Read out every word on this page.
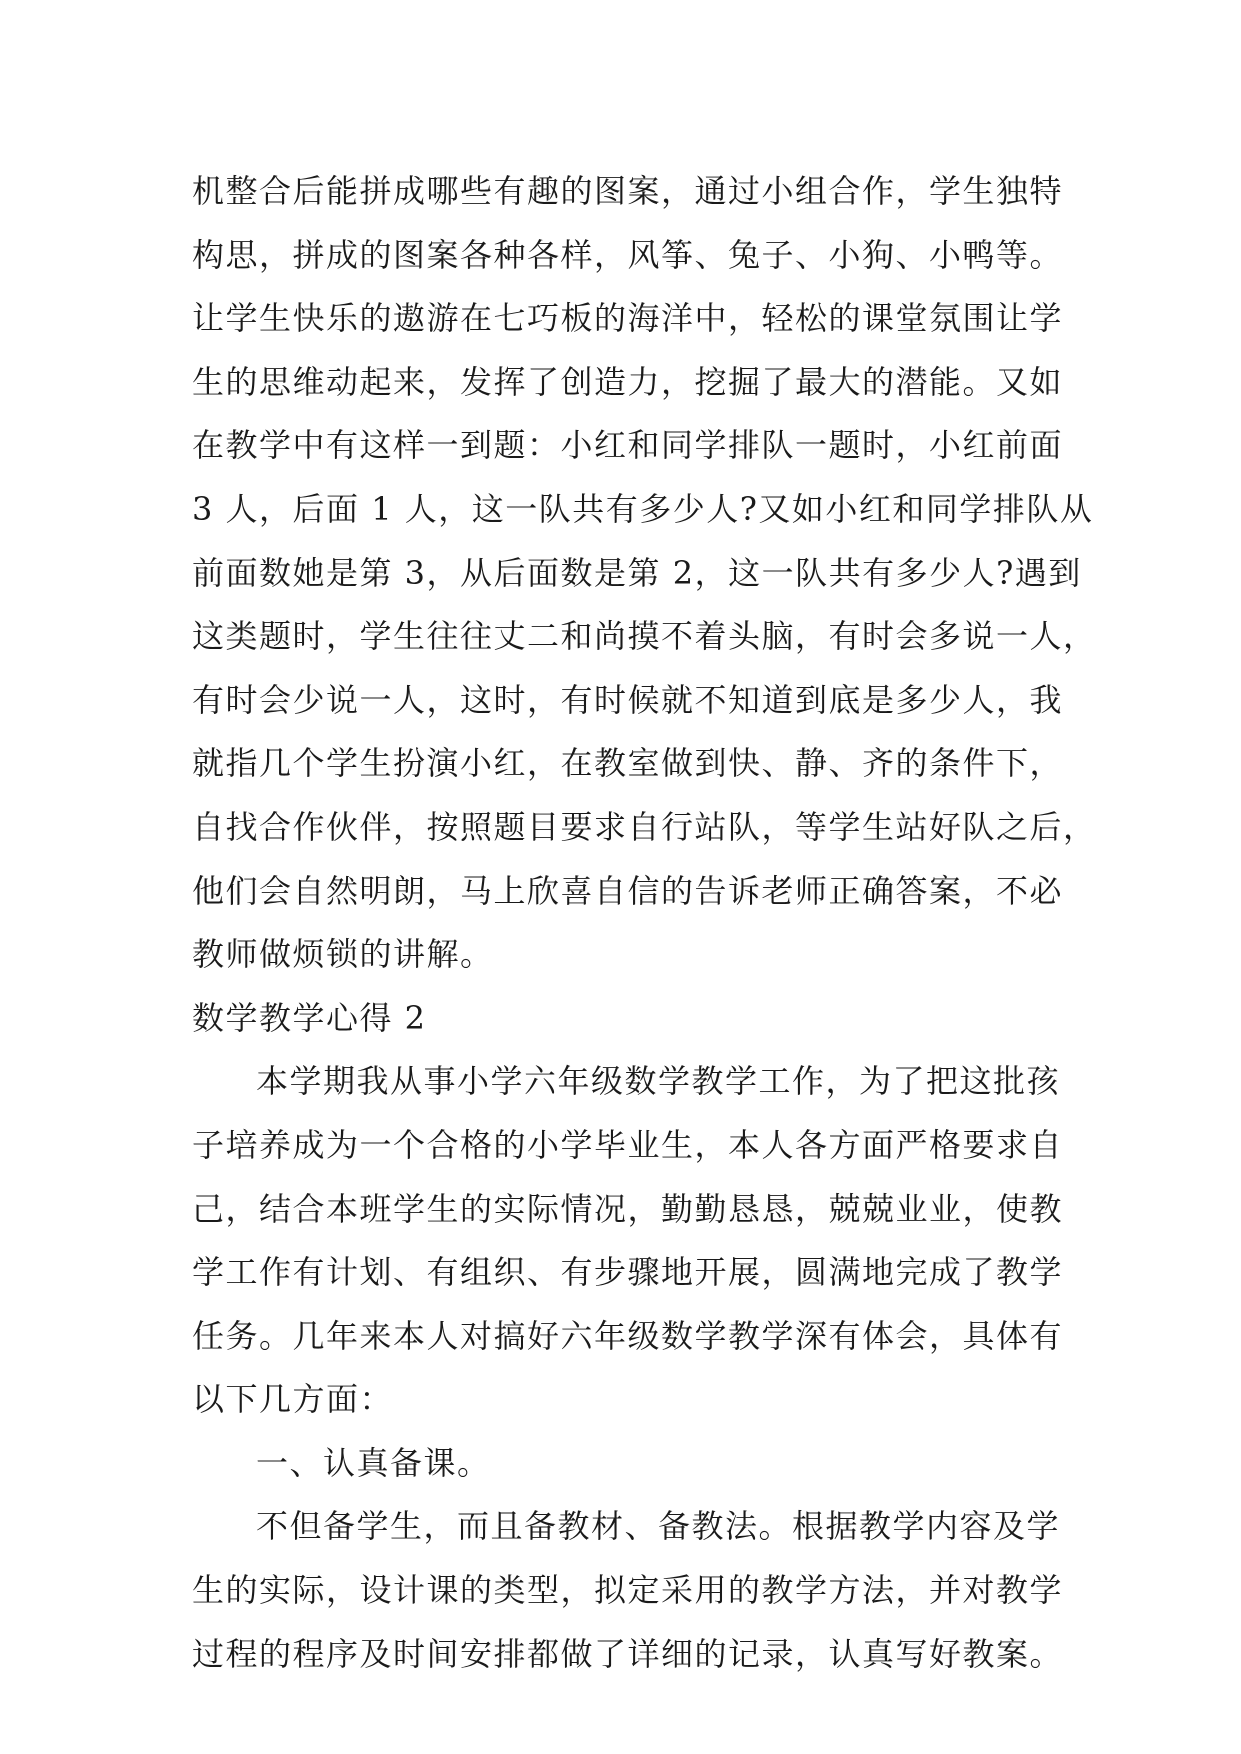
机整合后能拼成哪些有趣的图案，通过小组合作，学生独特
构思，拼成的图案各种各样，风筝、兔子、小狗、小鸭等。
让学生快乐的遨游在七巧板的海洋中，轻松的课堂氛围让学
生的思维动起来，发挥了创造力，挖掘了最大的潜能。又如
在教学中有这样一到题：小红和同学排队一题时，小红前面
3 人，后面 1 人，这一队共有多少人?又如小红和同学排队从
前面数她是第 3，从后面数是第 2，这一队共有多少人?遇到
这类题时，学生往往丈二和尚摸不着头脑，有时会多说一人，
有时会少说一人，这时，有时候就不知道到底是多少人，我
就指几个学生扮演小红，在教室做到快、静、齐的条件下，
自找合作伙伴，按照题目要求自行站队，等学生站好队之后，
他们会自然明朗，马上欣喜自信的告诉老师正确答案，不必
教师做烦锁的讲解。
数学教学心得 2
本学期我从事小学六年级数学教学工作，为了把这批孩
子培养成为一个合格的小学毕业生，本人各方面严格要求自
己，结合本班学生的实际情况，勤勤恳恳，兢兢业业，使教
学工作有计划、有组织、有步骤地开展，圆满地完成了教学
任务。几年来本人对搞好六年级数学教学深有体会，具体有
以下几方面：
一、认真备课。
不但备学生，而且备教材、备教法。根据教学内容及学
生的实际，设计课的类型，拟定采用的教学方法，并对教学
过程的程序及时间安排都做了详细的记录，认真写好教案。
